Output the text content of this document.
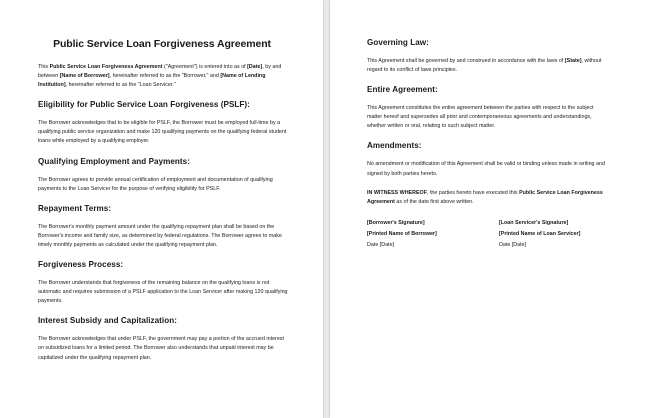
Public Service Loan Forgiveness Agreement

This Public Service Loan Forgiveness Agreement ("Agreement") is entered into as of [Date], by and between [Name of Borrower], hereinafter referred to as the "Borrower," and [Name of Lending Institution], hereinafter referred to as the "Loan Servicer."

Eligibility for Public Service Loan Forgiveness (PSLF):

The Borrower acknowledges that to be eligible for PSLF, the Borrower must be employed full-time by a qualifying public service organization and make 120 qualifying payments on the qualifying federal student loans while employed by a qualifying employer.

Qualifying Employment and Payments:

The Borrower agrees to provide annual certification of employment and documentation of qualifying payments to the Loan Servicer for the purpose of verifying eligibility for PSLF.

Repayment Terms:

The Borrower's monthly payment amount under the qualifying repayment plan shall be based on the Borrower's income and family size, as determined by federal regulations. The Borrower agrees to make timely monthly payments as calculated under the qualifying repayment plan.

Forgiveness Process:

The Borrower understands that forgiveness of the remaining balance on the qualifying loans is not automatic and requires submission of a PSLF application to the Loan Servicer after making 120 qualifying payments.

Interest Subsidy and Capitalization:

The Borrower acknowledges that under PSLF, the government may pay a portion of the accrued interest on subsidized loans for a limited period. The Borrower also understands that unpaid interest may be capitalized under the qualifying repayment plan.

Governing Law:

This Agreement shall be governed by and construed in accordance with the laws of [State], without regard to its conflict of laws principles.

Entire Agreement:

This Agreement constitutes the entire agreement between the parties with respect to the subject matter hereof and supersedes all prior and contemporaneous agreements and understandings, whether written or oral, relating to such subject matter.

Amendments:

No amendment or modification of this Agreement shall be valid or binding unless made in writing and signed by both parties hereto.

IN WITNESS WHEREOF, the parties hereto have executed this Public Service Loan Forgiveness Agreement as of the date first above written.

[Borrower's Signature]	[Loan Servicer's Signature]
[Printed Name of Borrower]	[Printed Name of Loan Servicer]
Date [Date]	Date [Date]
